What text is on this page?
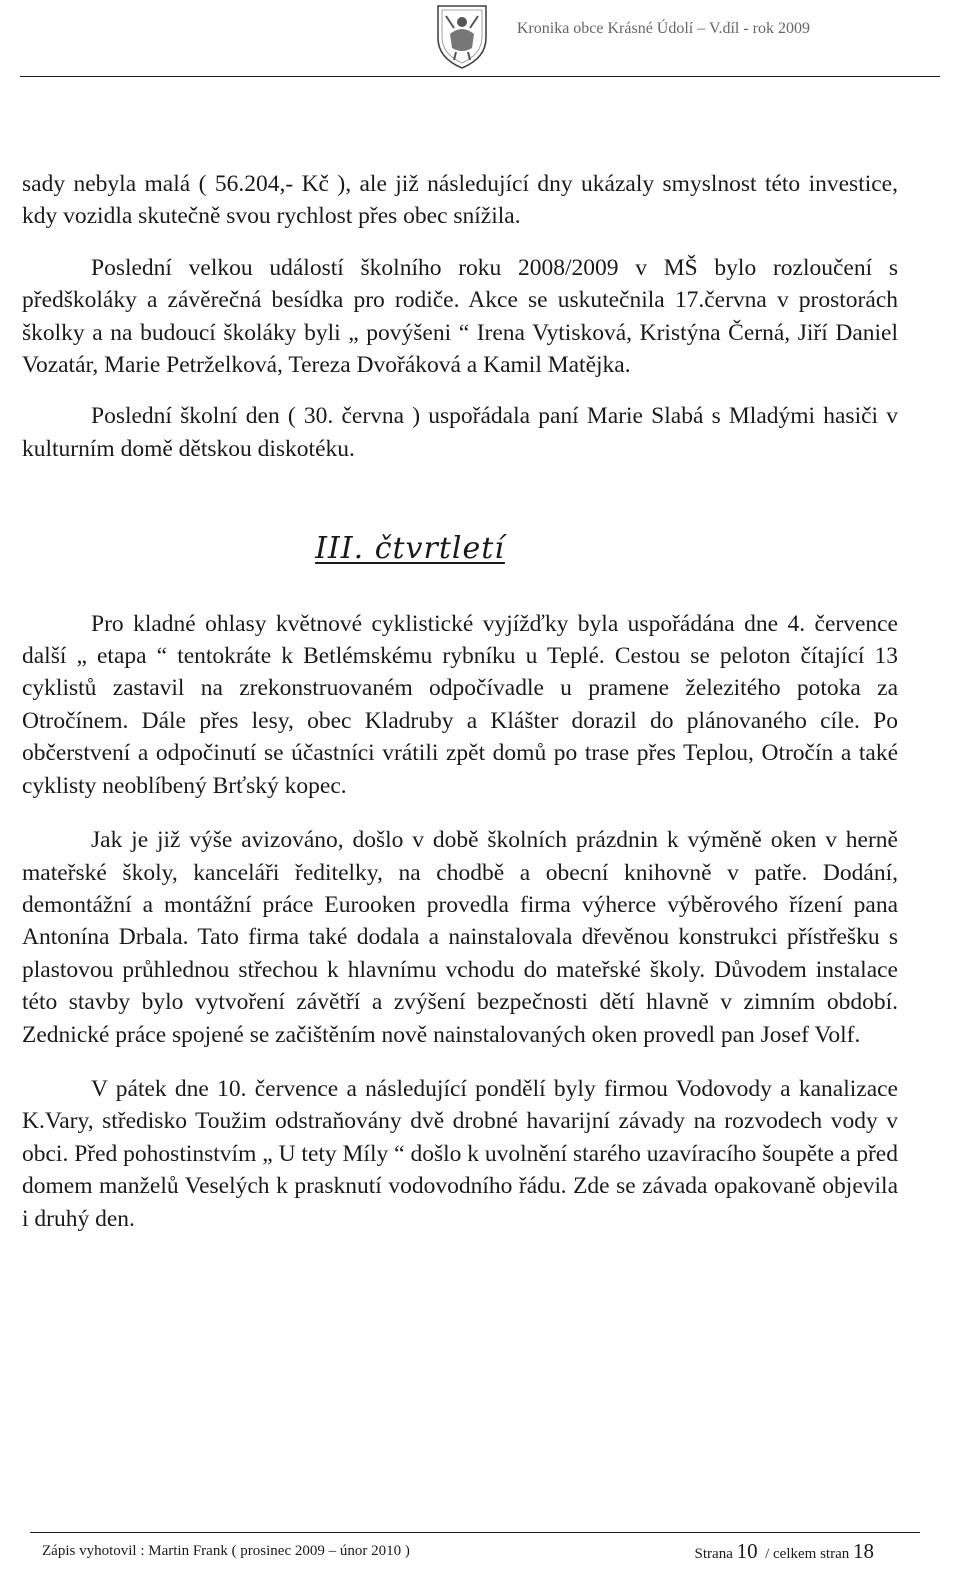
Kronika obce Krásné Údolí – V.díl - rok 2009

sady nebyla malá ( 56.204,- Kč ), ale již následující dny ukázaly smyslnost této investice, kdy vozidla skutečně svou rychlost přes obec snížila.

Poslední velkou událostí školního roku 2008/2009 v MŠ bylo rozloučení s předškoláky a závěrečná besídka pro rodiče. Akce se uskutečnila 17.června v prostorách školky a na budoucí školáky byli „ povýšeni “ Irena Vytisková, Kristýna Černá, Jiří Daniel Vozatár, Marie Petrželková, Tereza Dvořáková a Kamil Matějka.

Poslední školní den ( 30. června ) uspořádala paní Marie Slabá s Mladými hasiči v kulturním domě dětskou diskotéku.

III. čtvrtletí

Pro kladné ohlasy květnové cyklistické vyjížďky byla uspořádána dne 4. července další „ etapa “ tentokráte k Betlémskému rybníku u Teplé. Cestou se peloton čítající 13 cyklistů zastavil na zrekonstruovaném odpočívadle u pramene železitého potoka za Otročínem. Dále přes lesy, obec Kladruby a Klášter dorazil do plánovaného cíle. Po občerstvení a odpočinutí se účastníci vrátili zpět domů po trase přes Teplou, Otročín a také cyklisty neoblíbený Brťský kopec.

Jak je již výše avizováno, došlo v době školních prázdnin k výměně oken v herně mateřské školy, kanceláři ředitelky, na chodbě a obecní knihovně v patře. Dodání, demontážní a montážní práce Eurooken provedla firma výherce výběrového řízení pana Antonína Drbala. Tato firma také dodala a nainstalovala dřevěnou konstrukci přístřešku s plastovou průhlednou střechou k hlavnímu vchodu do mateřské školy. Důvodem instalace této stavby bylo vytvoření závětří a zvýšení bezpečnosti dětí hlavně v zimním období. Zednické práce spojené se začištěním nově nainstalovaných oken provedl pan Josef Volf.

V pátek dne 10. července a následující pondělí byly firmou Vodovody a kanalizace K.Vary, středisko Toužim odstraňovány dvě drobné havarijní závady na rozvodech vody v obci. Před pohostinstvím „ U tety Míly “ došlo k uvolnění starého uzavíracího šoupěte a před domem manželů Veselých k prasknutí vodovodního řádu. Zde se závada opakovaně objevila i druhý den.

Zápis vyhotovil : Martin Frank ( prosinec 2009 – únor 2010 )	Strana 10 / celkem stran 18
